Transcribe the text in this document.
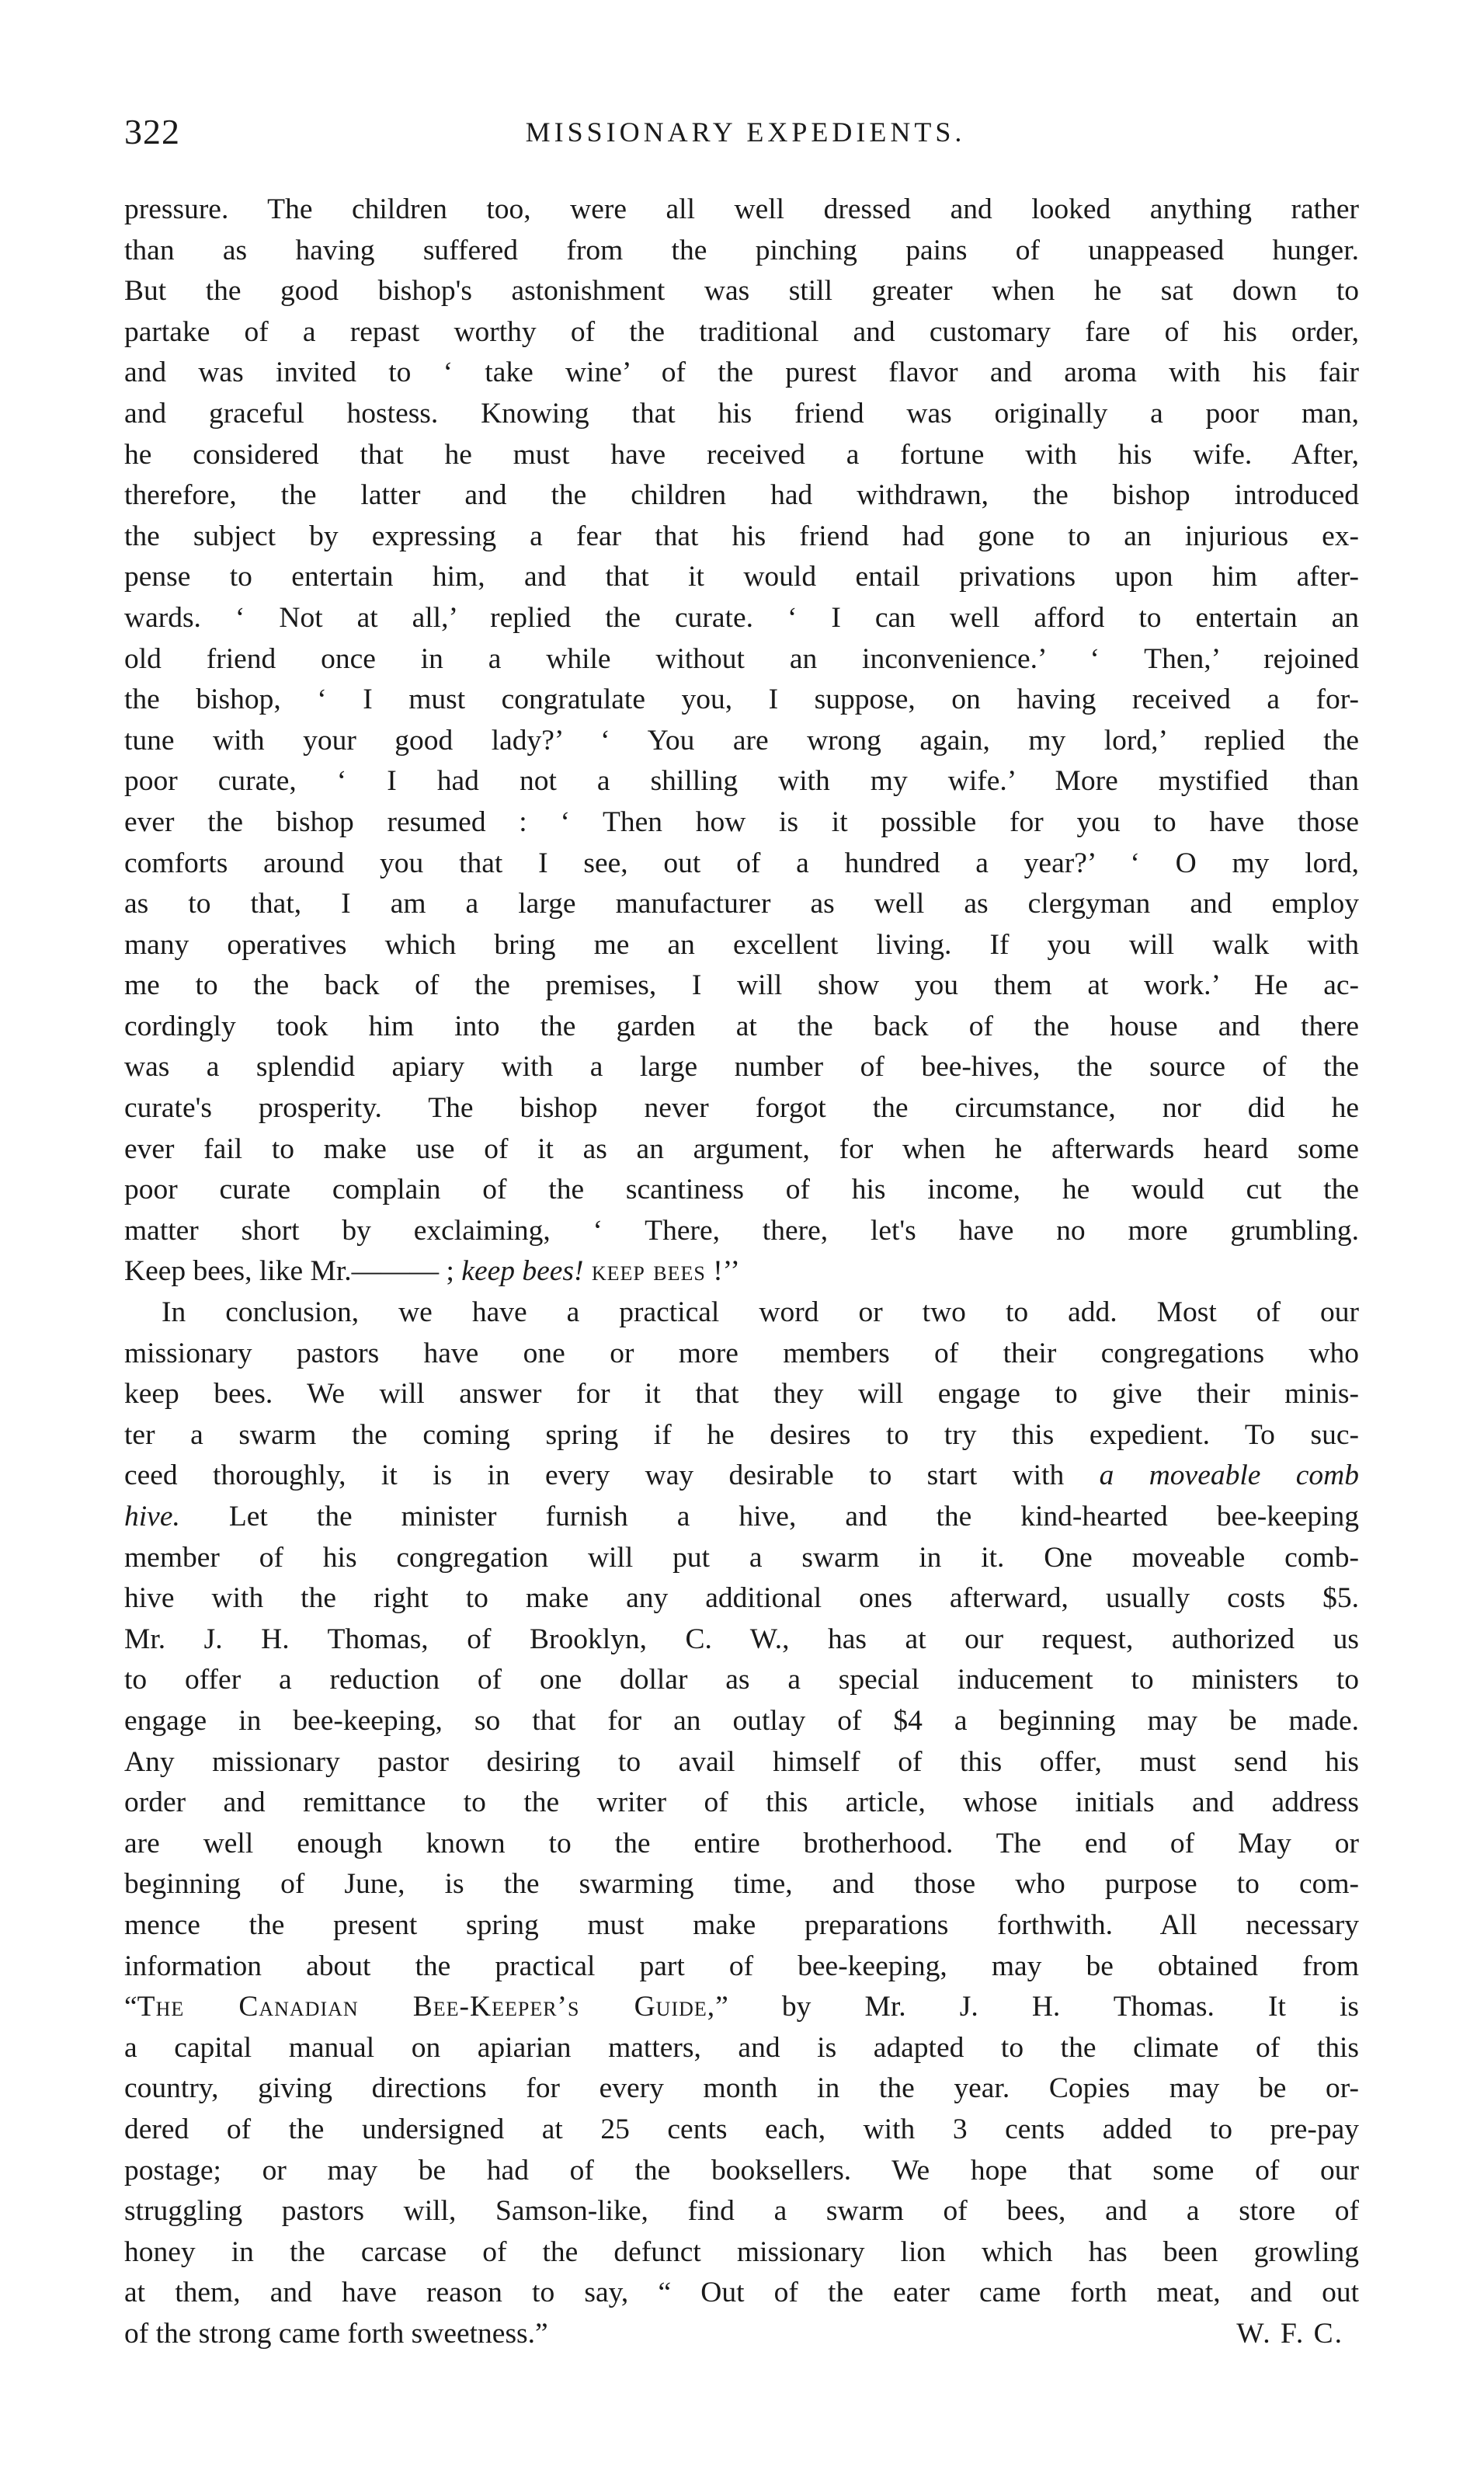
322	MISSIONARY EXPEDIENTS.
pressure. The children too, were all well dressed and looked anything rather
than as having suffered from the pinching pains of unappeased hunger.
But the good bishop's astonishment was still greater when he sat down to
partake of a repast worthy of the traditional and customary fare of his order,
and was invited to ‘ take wine’ of the purest flavor and aroma with his fair
and graceful hostess. Knowing that his friend was originally a poor man,
he considered that he must have received a fortune with his wife. After,
therefore, the latter and the children had withdrawn, the bishop introduced
the subject by expressing a fear that his friend had gone to an injurious ex-
pense to entertain him, and that it would entail privations upon him after-
wards. ‘ Not at all,’ replied the curate. ‘ I can well afford to entertain an
old friend once in a while without an inconvenience.’ ‘ Then,’ rejoined
the bishop, ‘ I must congratulate you, I suppose, on having received a for-
tune with your good lady?’ ‘ You are wrong again, my lord,’ replied the
poor curate, ‘ I had not a shilling with my wife.’ More mystified than
ever the bishop resumed : ‘ Then how is it possible for you to have those
comforts around you that I see, out of a hundred a year?’ ‘ O my lord,
as to that, I am a large manufacturer as well as clergyman and employ
many operatives which bring me an excellent living. If you will walk with
me to the back of the premises, I will show you them at work.’ He ac-
cordingly took him into the garden at the back of the house and there
was a splendid apiary with a large number of bee-hives, the source of the
curate's prosperity. The bishop never forgot the circumstance, nor did he
ever fail to make use of it as an argument, for when he afterwards heard some
poor curate complain of the scantiness of his income, he would cut the
matter short by exclaiming, ‘ There, there, let's have no more grumbling.
Keep bees, like Mr.——— ; keep bees! keep bees !’’
In conclusion, we have a practical word or two to add. Most of our
missionary pastors have one or more members of their congregations who
keep bees. We will answer for it that they will engage to give their minis-
ter a swarm the coming spring if he desires to try this expedient. To suc-
ceed thoroughly, it is in every way desirable to start with a moveable comb
hive. Let the minister furnish a hive, and the kind-hearted bee-keeping
member of his congregation will put a swarm in it. One moveable comb-
hive with the right to make any additional ones afterward, usually costs $5.
Mr. J. H. Thomas, of Brooklyn, C. W., has at our request, authorized us
to offer a reduction of one dollar as a special inducement to ministers to
engage in bee-keeping, so that for an outlay of $4 a beginning may be made.
Any missionary pastor desiring to avail himself of this offer, must send his
order and remittance to the writer of this article, whose initials and address
are well enough known to the entire brotherhood. The end of May or
beginning of June, is the swarming time, and those who purpose to com-
mence the present spring must make preparations forthwith. All necessary
information about the practical part of bee-keeping, may be obtained from
“The Canadian Bee-Keeper’s Guide,” by Mr. J. H. Thomas. It is
a capital manual on apiarian matters, and is adapted to the climate of this
country, giving directions for every month in the year. Copies may be or-
dered of the undersigned at 25 cents each, with 3 cents added to pre-pay
postage; or may be had of the booksellers. We hope that some of our
struggling pastors will, Samson-like, find a swarm of bees, and a store of
honey in the carcase of the defunct missionary lion which has been growling
at them, and have reason to say, “ Out of the eater came forth meat, and out
of the strong came forth sweetness.”	W. F. C.
